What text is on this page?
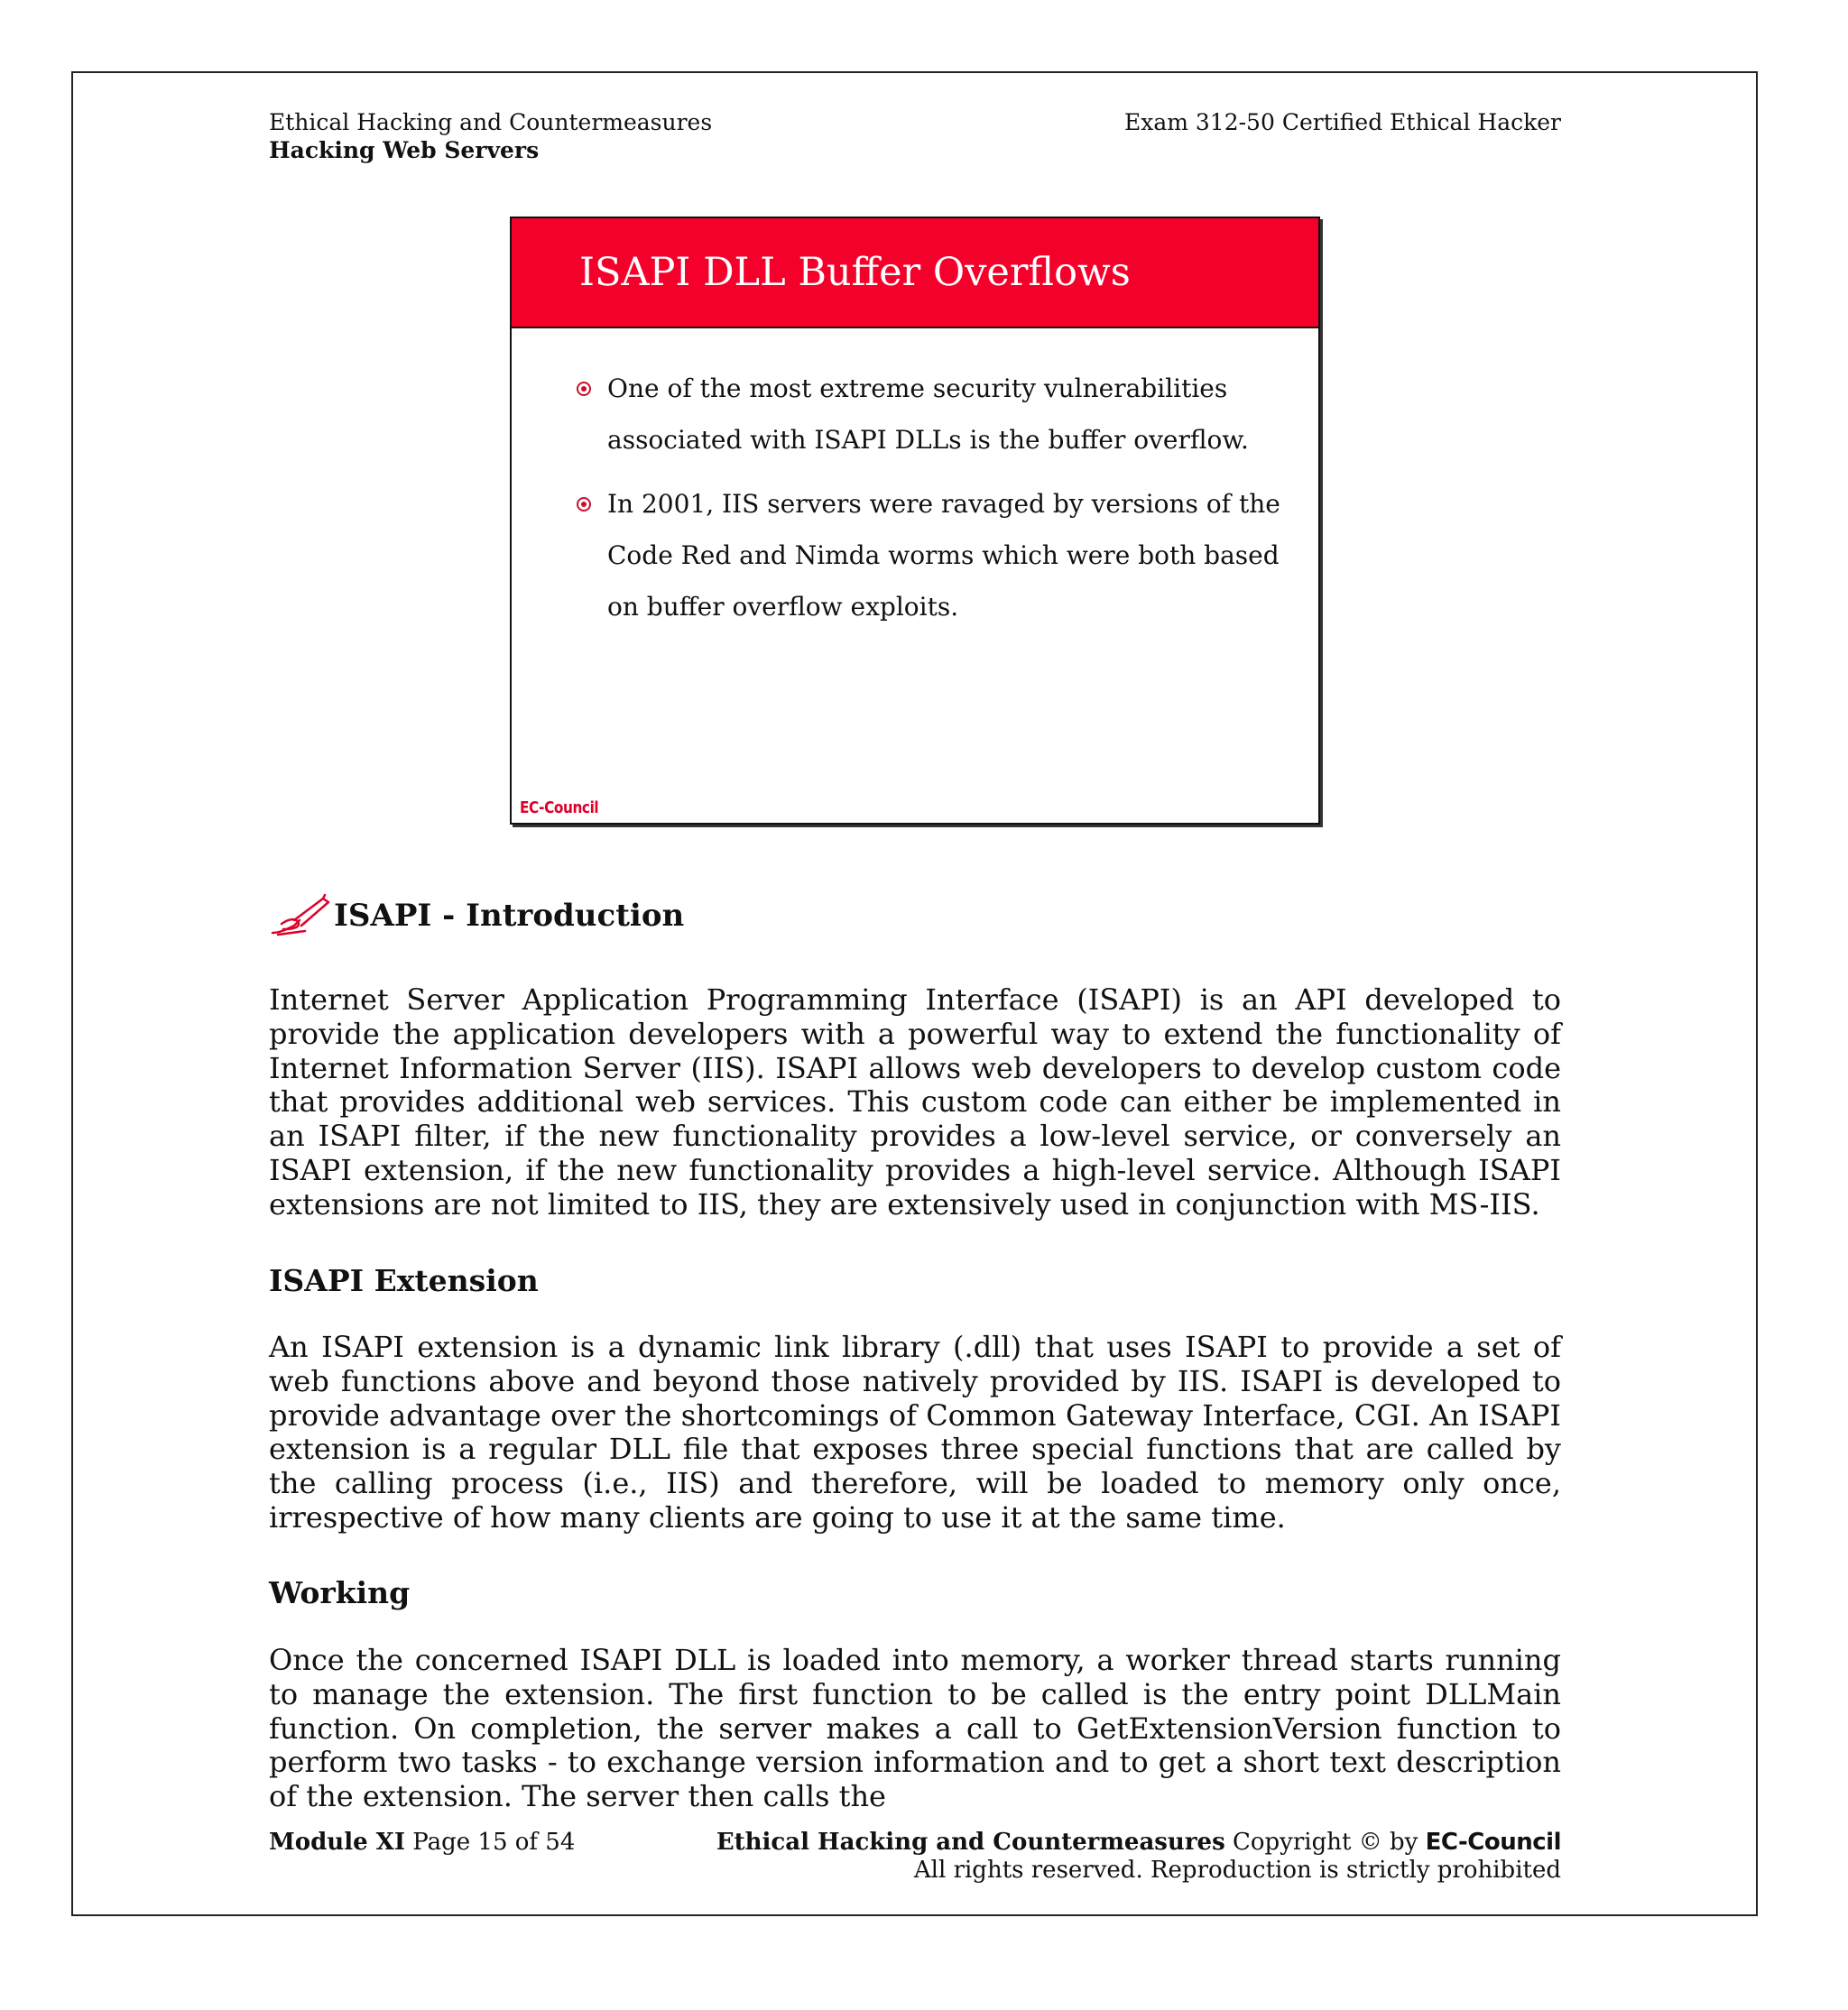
Ethical Hacking and Countermeasures
Hacking Web Servers
Exam 312-50 Certified Ethical Hacker
ISAPI DLL Buffer Overflows
One of the most extreme security vulnerabilities associated with ISAPI DLLs is the buffer overflow.
In 2001, IIS servers were ravaged by versions of the Code Red and Nimda worms which were both based on buffer overflow exploits.
EC-Council
ISAPI - Introduction

Internet Server Application Programming Interface (ISAPI) is an API developed to provide the application developers with a powerful way to extend the functionality of Internet Information Server (IIS). ISAPI allows web developers to develop custom code that provides additional web services. This custom code can either be implemented in an ISAPI filter, if the new functionality provides a low-level service, or conversely an ISAPI extension, if the new functionality provides a high-level service. Although ISAPI extensions are not limited to IIS, they are extensively used in conjunction with MS-IIS.

ISAPI Extension

An ISAPI extension is a dynamic link library (.dll) that uses ISAPI to provide a set of web functions above and beyond those natively provided by IIS. ISAPI is developed to provide advantage over the shortcomings of Common Gateway Interface, CGI. An ISAPI extension is a regular DLL file that exposes three special functions that are called by the calling process (i.e., IIS) and therefore, will be loaded to memory only once, irrespective of how many clients are going to use it at the same time.

Working

Once the concerned ISAPI DLL is loaded into memory, a worker thread starts running to manage the extension. The first function to be called is the entry point DLLMain function. On completion, the server makes a call to GetExtensionVersion function to perform two tasks - to exchange version information and to get a short text description of the extension. The server then calls the

Module XI Page 15 of 54	Ethical Hacking and Countermeasures Copyright © by EC-Council
All rights reserved. Reproduction is strictly prohibited
